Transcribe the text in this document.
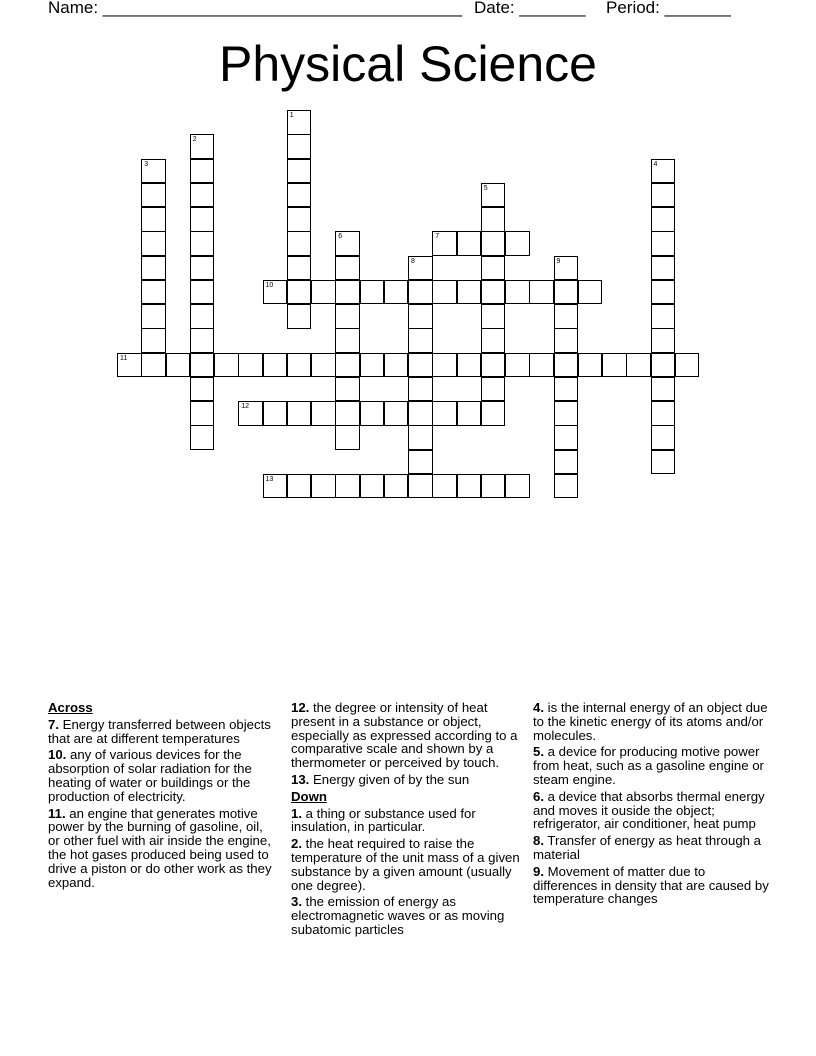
Name: ______________________________________ Date: _______ Period: _______
Physical Science
1
2
3	4
5
6	7
8	9
10
11
12
13
Across
7. Energy transferred between objects that are at different temperatures
10. any of various devices for the absorption of solar radiation for the heating of water or buildings or the production of electricity.
11. an engine that generates motive power by the burning of gasoline, oil, or other fuel with air inside the engine, the hot gases produced being used to drive a piston or do other work as they expand.
12. the degree or intensity of heat present in a substance or object, especially as expressed according to a comparative scale and shown by a thermometer or perceived by touch.
13. Energy given of by the sun
Down
1. a thing or substance used for insulation, in particular.
2. the heat required to raise the temperature of the unit mass of a given substance by a given amount (usually one degree).
3. the emission of energy as electromagnetic waves or as moving subatomic particles
4. is the internal energy of an object due to the kinetic energy of its atoms and/or molecules.
5. a device for producing motive power from heat, such as a gasoline engine or steam engine.
6. a device that absorbs thermal energy and moves it ouside the object; refrigerator, air conditioner, heat pump
8. Transfer of energy as heat through a material
9. Movement of matter due to differences in density that are caused by temperature changes
